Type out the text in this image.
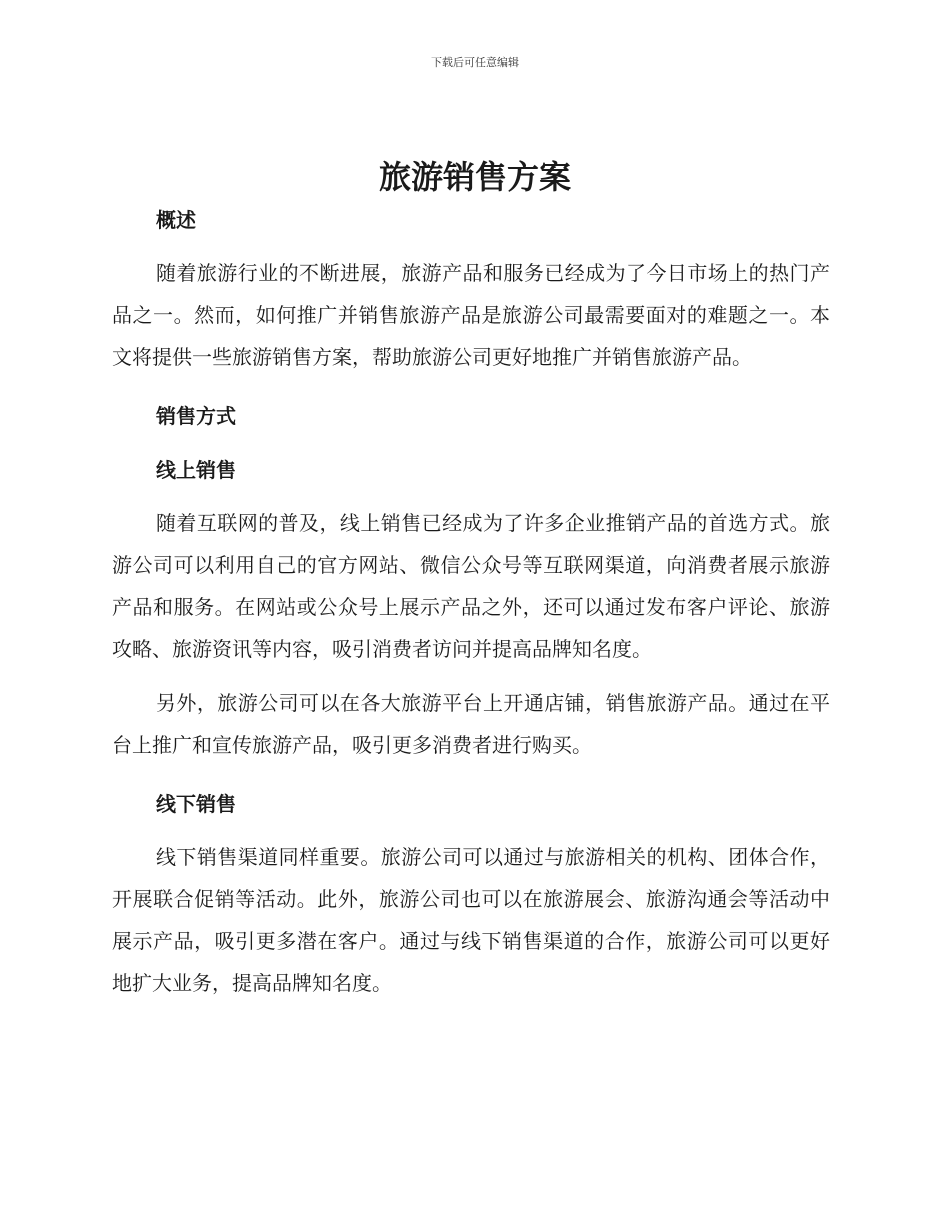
下载后可任意编辑
旅游销售方案
概述

随着旅游行业的不断进展，旅游产品和服务已经成为了今日市场上的热门产品之一。然而，如何推广并销售旅游产品是旅游公司最需要面对的难题之一。本文将提供一些旅游销售方案，帮助旅游公司更好地推广并销售旅游产品。

销售方式
线上销售

随着互联网的普及，线上销售已经成为了许多企业推销产品的首选方式。旅游公司可以利用自己的官方网站、微信公众号等互联网渠道，向消费者展示旅游产品和服务。在网站或公众号上展示产品之外，还可以通过发布客户评论、旅游攻略、旅游资讯等内容，吸引消费者访问并提高品牌知名度。

另外，旅游公司可以在各大旅游平台上开通店铺，销售旅游产品。通过在平台上推广和宣传旅游产品，吸引更多消费者进行购买。

线下销售

线下销售渠道同样重要。旅游公司可以通过与旅游相关的机构、团体合作，开展联合促销等活动。此外，旅游公司也可以在旅游展会、旅游沟通会等活动中展示产品，吸引更多潜在客户。通过与线下销售渠道的合作，旅游公司可以更好地扩大业务，提高品牌知名度。
